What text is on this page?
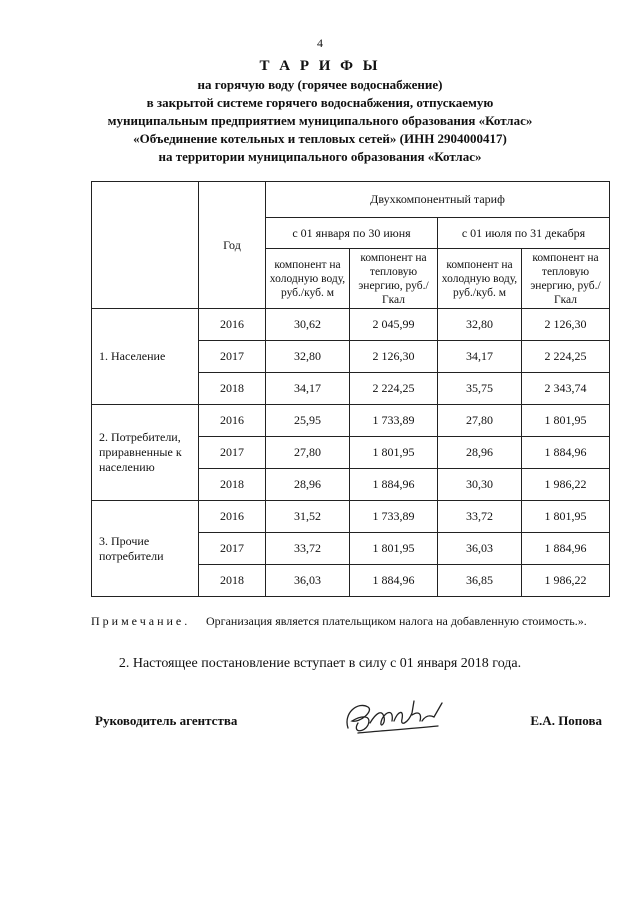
4
Т А Р И Ф Ы
на горячую воду (горячее водоснабжение)
в закрытой системе горячего водоснабжения, отпускаемую
муниципальным предприятием муниципального образования «Котлас»
«Объединение котельных и тепловых сетей» (ИНН 2904000417)
на территории муниципального образования «Котлас»
	Год	Двухкомпонентный тариф			
		с 01 января по 30 июня		с 01 июля по 31 декабря	
		компонент на холодную воду, руб./куб. м	компонент на тепловую энергию, руб./Гкал	компонент на холодную воду, руб./куб. м	компонент на тепловую энергию, руб./Гкал
1. Население	2016	30,62	2 045,99	32,80	2 126,30
	2017	32,80	2 126,30	34,17	2 224,25
	2018	34,17	2 224,25	35,75	2 343,74
2. Потребители, приравненные к населению	2016	25,95	1 733,89	27,80	1 801,95
	2017	27,80	1 801,95	28,96	1 884,96
	2018	28,96	1 884,96	30,30	1 986,22
3. Прочие потребители	2016	31,52	1 733,89	33,72	1 801,95
	2017	33,72	1 801,95	36,03	1 884,96
	2018	36,03	1 884,96	36,85	1 986,22
Примечание. Организация является плательщиком налога на добавленную стоимость.».
2. Настоящее постановление вступает в силу с 01 января 2018 года.
Руководитель агентства	Е.А. Попова
